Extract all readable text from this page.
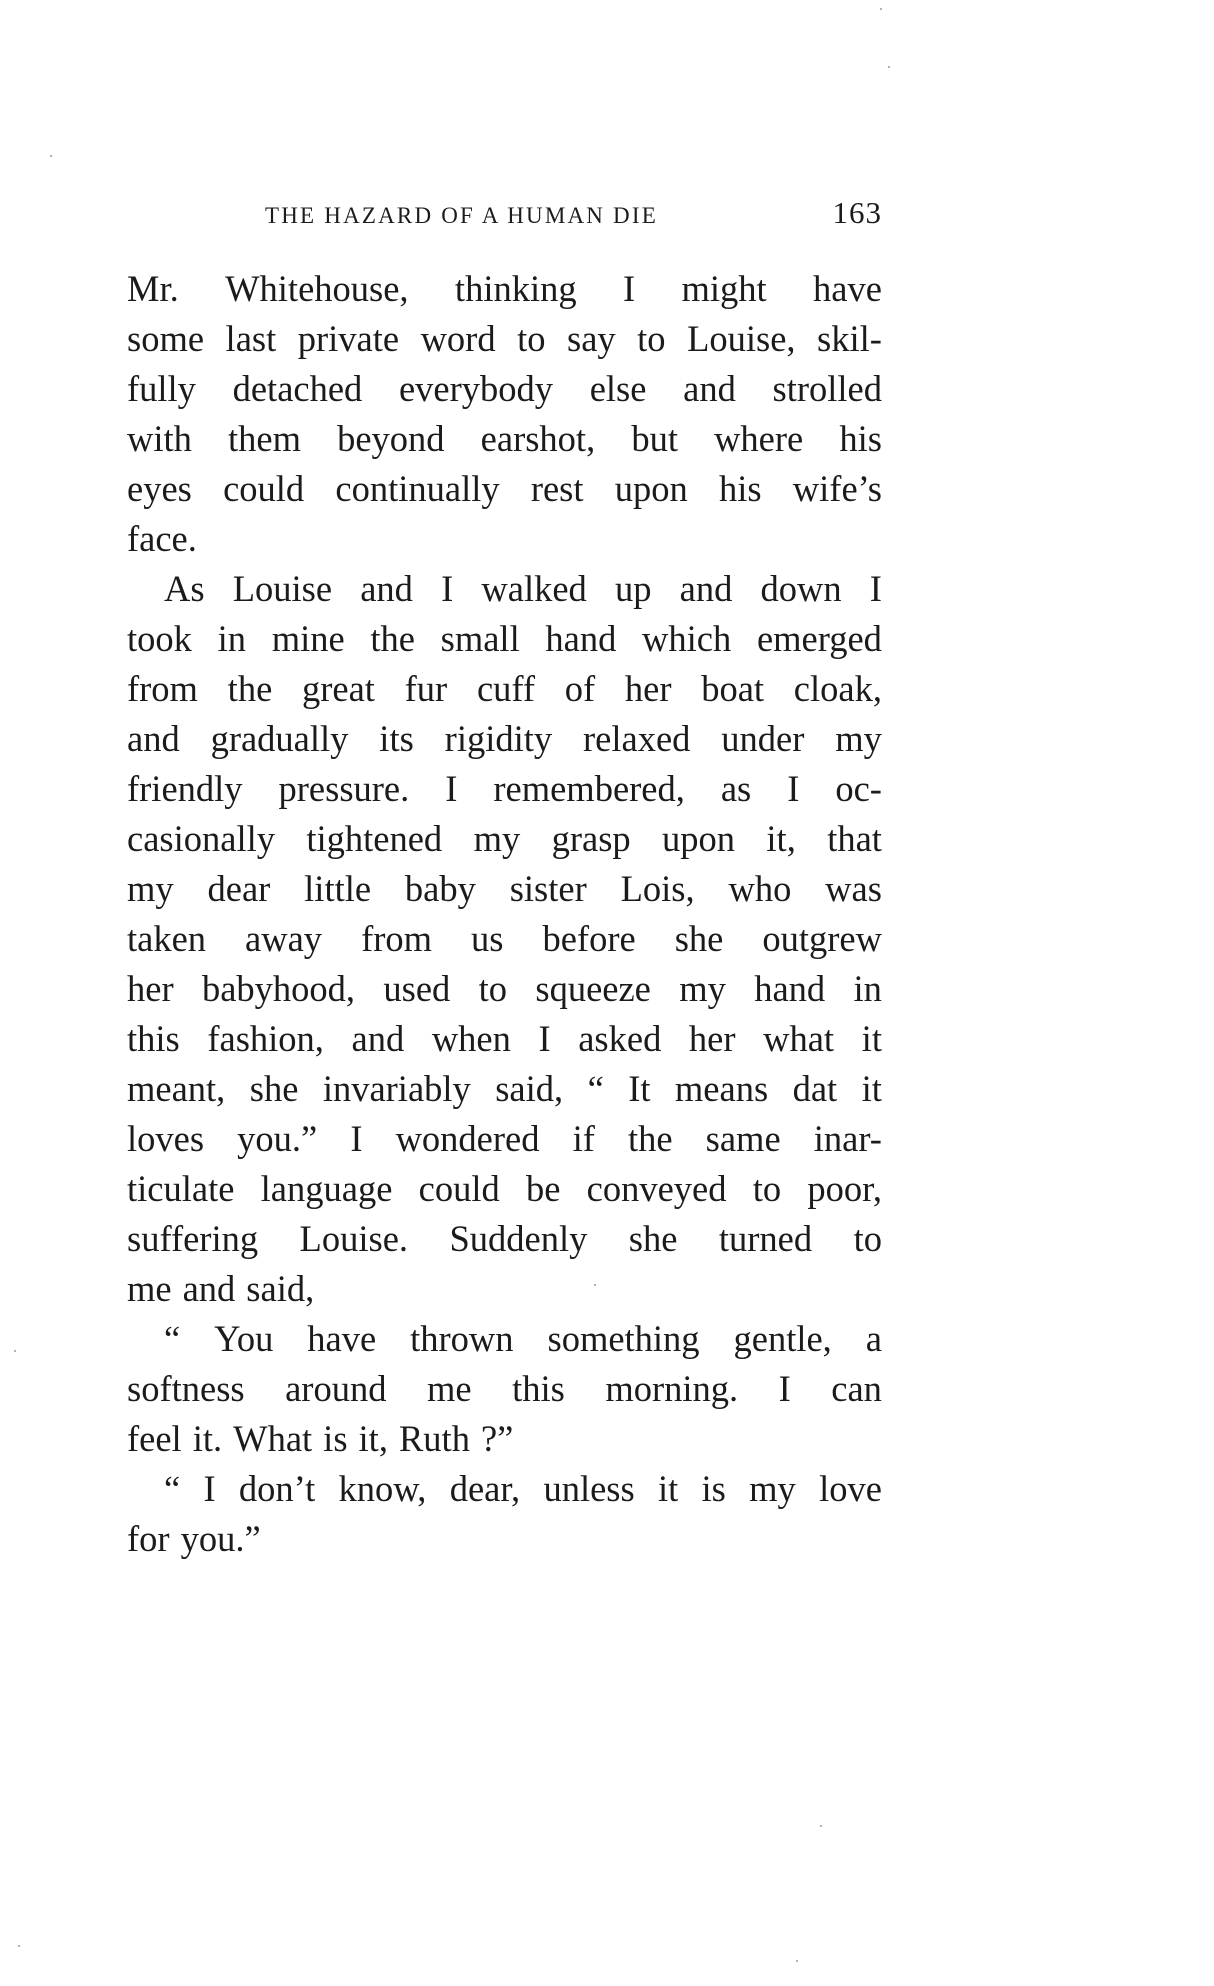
THE HAZARD OF A HUMAN DIE	163
Mr. Whitehouse, thinking I might have
some last private word to say to Louise, skil-
fully detached everybody else and strolled
with them beyond earshot, but where his
eyes could continually rest upon his wife’s
face.
As Louise and I walked up and down I
took in mine the small hand which emerged
from the great fur cuff of her boat cloak,
and gradually its rigidity relaxed under my
friendly pressure. I remembered, as I oc-
casionally tightened my grasp upon it, that
my dear little baby sister Lois, who was
taken away from us before she outgrew
her babyhood, used to squeeze my hand in
this fashion, and when I asked her what it
meant, she invariably said, “ It means dat it
loves you.” I wondered if the same inar-
ticulate language could be conveyed to poor,
suffering Louise. Suddenly she turned to
me and said,
“ You have thrown something gentle, a
softness around me this morning. I can
feel it. What is it, Ruth ?”
“ I don’t know, dear, unless it is my love
for you.”
